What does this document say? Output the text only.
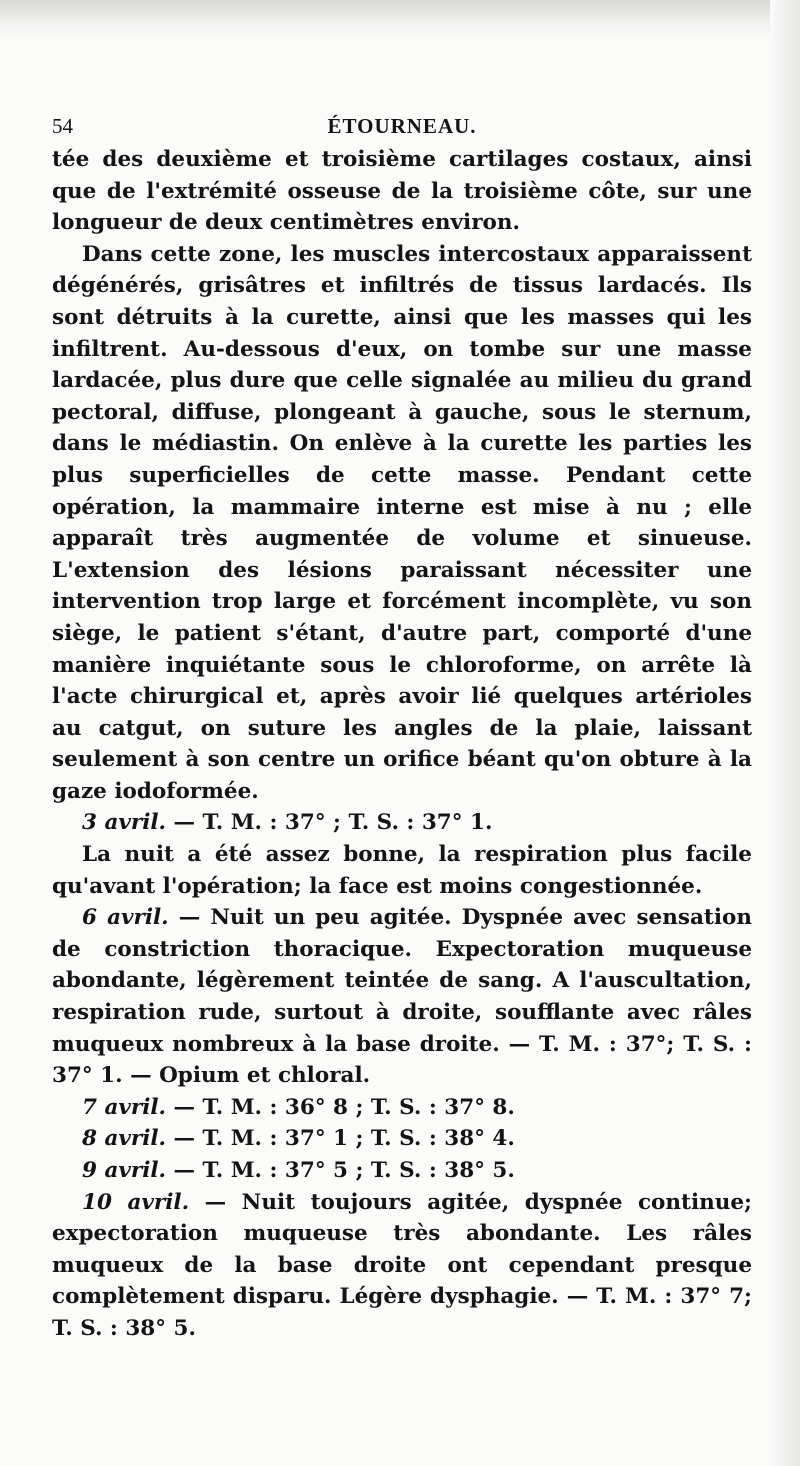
54	ÉTOURNEAU.

tée des deuxième et troisième cartilages costaux, ainsi que de l'extrémité osseuse de la troisième côte, sur une longueur de deux centimètres environ.

Dans cette zone, les muscles intercostaux apparaissent dégénérés, grisâtres et infiltrés de tissus lardacés. Ils sont détruits à la curette, ainsi que les masses qui les infiltrent. Au-dessous d'eux, on tombe sur une masse lardacée, plus dure que celle signalée au milieu du grand pectoral, diffuse, plongeant à gauche, sous le sternum, dans le médiastin. On enlève à la curette les parties les plus superficielles de cette masse. Pendant cette opération, la mammaire interne est mise à nu ; elle apparaît très augmentée de volume et sinueuse. L'extension des lésions paraissant nécessiter une intervention trop large et forcément incomplète, vu son siège, le patient s'étant, d'autre part, comporté d'une manière inquiétante sous le chloroforme, on arrête là l'acte chirurgical et, après avoir lié quelques artérioles au catgut, on suture les angles de la plaie, laissant seulement à son centre un orifice béant qu'on obture à la gaze iodoformée.

3 avril. — T. M. : 37° ; T. S. : 37° 1.

La nuit a été assez bonne, la respiration plus facile qu'avant l'opération; la face est moins congestionnée.

6 avril. — Nuit un peu agitée. Dyspnée avec sensation de constriction thoracique. Expectoration muqueuse abondante, légèrement teintée de sang. A l'auscultation, respiration rude, surtout à droite, soufflante avec râles muqueux nombreux à la base droite. — T. M. : 37°; T. S. : 37° 1. — Opium et chloral.

7 avril. — T. M. : 36° 8 ; T. S. : 37° 8.

8 avril. — T. M. : 37° 1 ; T. S. : 38° 4.

9 avril. — T. M. : 37° 5 ; T. S. : 38° 5.

10 avril. — Nuit toujours agitée, dyspnée continue; expectoration muqueuse très abondante. Les râles muqueux de la base droite ont cependant presque complètement disparu. Légère dysphagie. — T. M. : 37° 7; T. S. : 38° 5.
